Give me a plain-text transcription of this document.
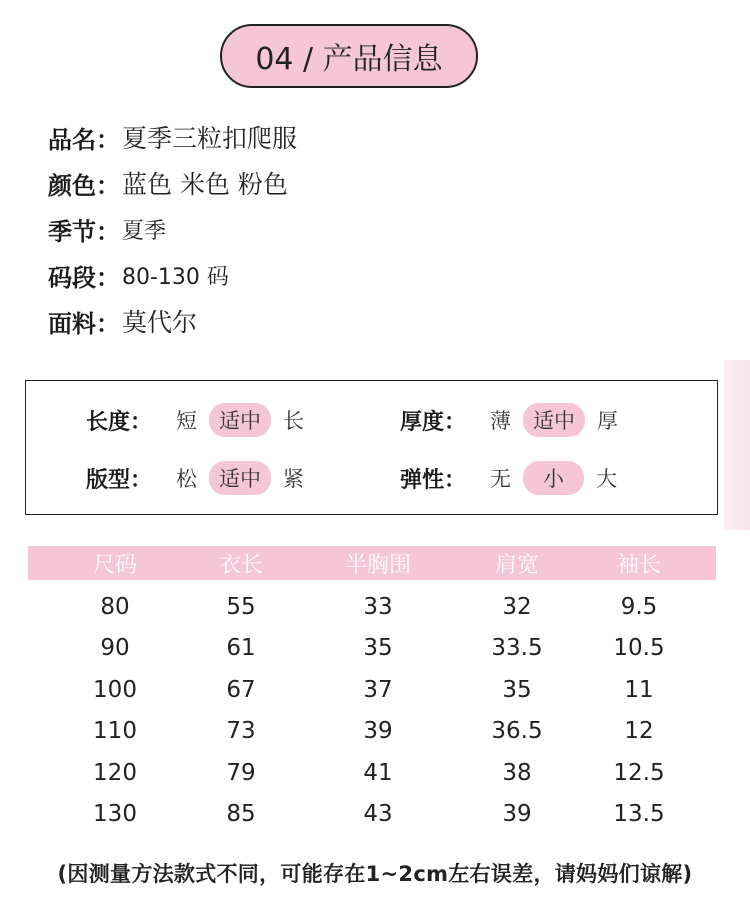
04 / 产品信息
品名： 夏季三粒扣爬服
颜色： 蓝色 米色 粉色
季节： 夏季
码段： 80-130 码
面料： 莫代尔
长度： 短	适中	长	厚度： 薄	适中	厚
版型： 松	适中	紧	弹性： 无	小	大
尺码	衣长	半胸围	肩宽	袖长
80	55	33	32	9.5
90	61	35	33.5	10.5
100	67	37	35	11
110	73	39	36.5	12
120	79	41	38	12.5
130	85	43	39	13.5
(因测量方法款式不同，可能存在1~2cm左右误差，请妈妈们谅解)
